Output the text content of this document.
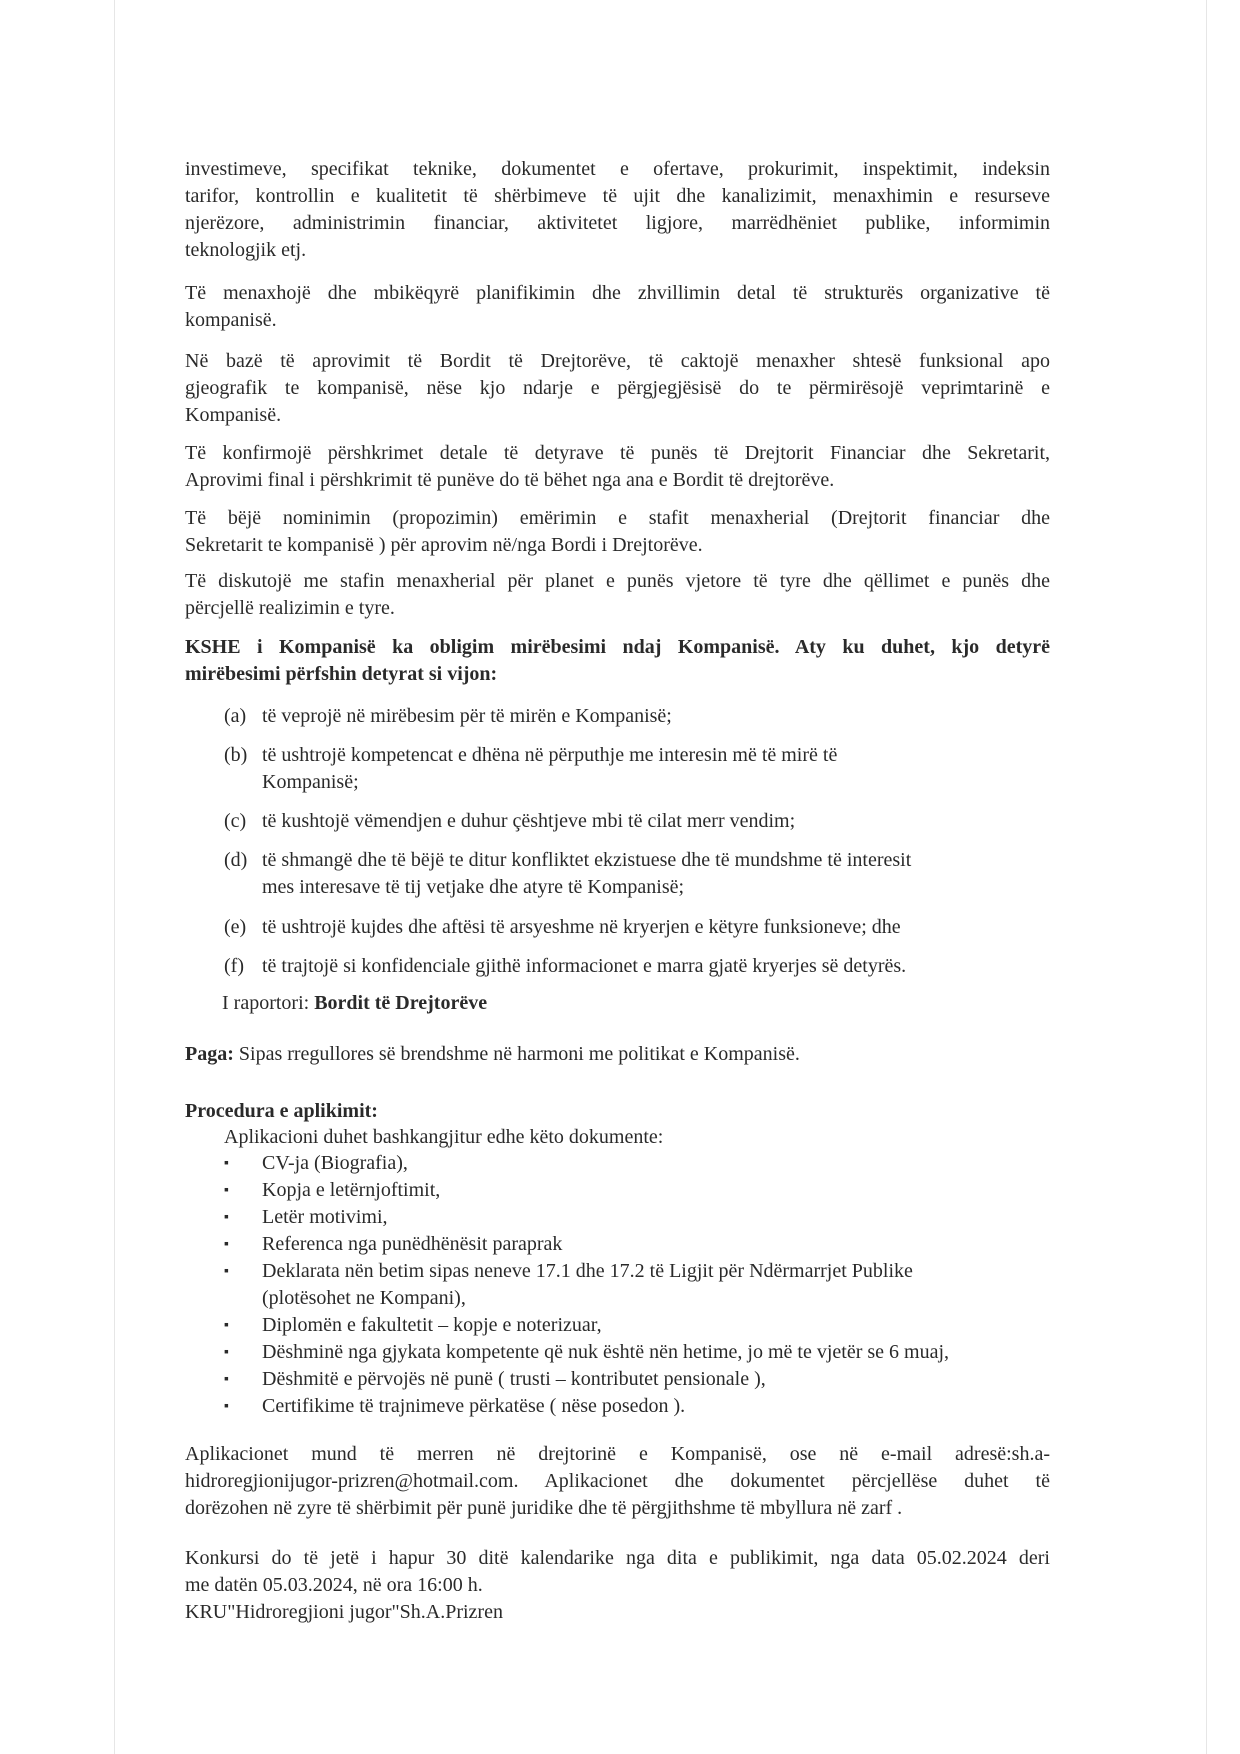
investimeve, specifikat teknike, dokumentet e ofertave, prokurimit, inspektimit, indeksin
tarifor, kontrollin e kualitetit të shërbimeve të ujit dhe kanalizimit, menaxhimin e resurseve
njerëzore, administrimin financiar, aktivitetet ligjore, marrëdhëniet publike, informimin
teknologjik etj.
Të menaxhojë dhe mbikëqyrë planifikimin dhe zhvillimin detal të strukturës organizative të
kompanisë.
Në bazë të aprovimit të Bordit të Drejtorëve, të caktojë menaxher shtesë funksional apo
gjeografik te kompanisë, nëse kjo ndarje e përgjegjësisë do te përmirësojë veprimtarinë e
Kompanisë.
Të konfirmojë përshkrimet detale të detyrave të punës të Drejtorit Financiar dhe Sekretarit,
Aprovimi final i përshkrimit të punëve do të bëhet nga ana e Bordit të drejtorëve.
Të bëjë nominimin (propozimin) emërimin e stafit menaxherial (Drejtorit financiar dhe
Sekretarit te kompanisë ) për aprovim në/nga Bordi i Drejtorëve.
Të diskutojë me stafin menaxherial për planet e punës vjetore të tyre dhe qëllimet e punës dhe
përcjellë realizimin e tyre.
KSHE i Kompanisë ka obligim mirëbesimi ndaj Kompanisë. Aty ku duhet, kjo detyrë
mirëbesimi përfshin detyrat si vijon:
(a) të veprojë në mirëbesim për të mirën e Kompanisë;
(b) të ushtrojë kompetencat e dhëna në përputhje me interesin më të mirë të
Kompanisë;
(c) të kushtojë vëmendjen e duhur çështjeve mbi të cilat merr vendim;
(d) të shmangë dhe të bëjë te ditur konfliktet ekzistuese dhe të mundshme të interesit
mes interesave të tij vetjake dhe atyre të Kompanisë;
(e) të ushtrojë kujdes dhe aftësi të arsyeshme në kryerjen e këtyre funksioneve; dhe
(f) të trajtojë si konfidenciale gjithë informacionet e marra gjatë kryerjes së detyrës.
I raportori: Bordit të Drejtorëve
Paga: Sipas rregullores së brendshme në harmoni me politikat e Kompanisë.
Procedura e aplikimit:
Aplikacioni duhet bashkangjitur edhe këto dokumente:
▪ CV-ja (Biografia),
▪ Kopja e letërnjoftimit,
▪ Letër motivimi,
▪ Referenca nga punëdhënësit paraprak
▪ Deklarata nën betim sipas neneve 17.1 dhe 17.2 të Ligjit për Ndërmarrjet Publike
(plotësohet ne Kompani),
▪ Diplomën e fakultetit – kopje e noterizuar,
▪ Dëshminë nga gjykata kompetente që nuk është nën hetime, jo më te vjetër se 6 muaj,
▪ Dëshmitë e përvojës në punë ( trusti – kontributet pensionale ),
▪ Certifikime të trajnimeve përkatëse ( nëse posedon ).
Aplikacionet mund të merren në drejtorinë e Kompanisë, ose në e-mail adresë:sh.a-
hidroregjionijugor-prizren@hotmail.com. Aplikacionet dhe dokumentet përcjellëse duhet të
dorëzohen në zyre të shërbimit për punë juridike dhe të përgjithshme të mbyllura në zarf .
Konkursi do të jetë i hapur 30 ditë kalendarike nga dita e publikimit, nga data 05.02.2024 deri
me datën 05.03.2024, në ora 16:00 h.
KRU"Hidroregjioni jugor"Sh.A.Prizren
